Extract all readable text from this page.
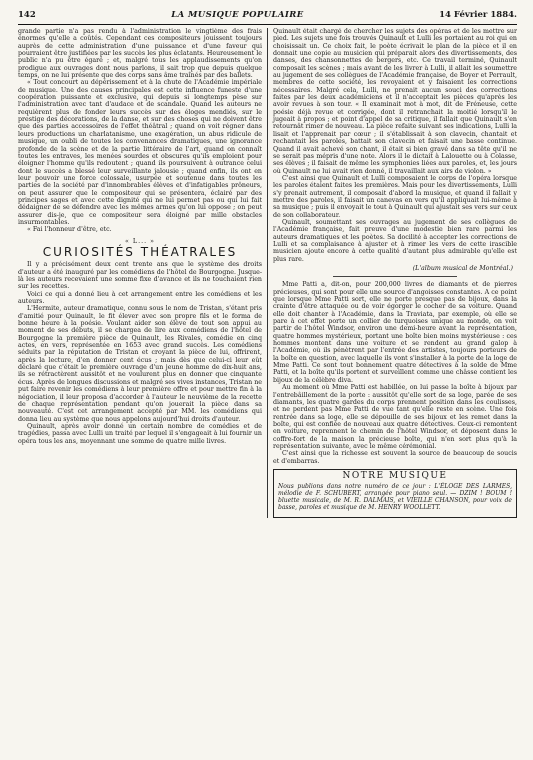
142	LA MUSIQUE POPULAIRE	14 Février 1884.

grande partie n'a pas rendu à l'administration le vingtième des frais énormes qu'elle a coûtés. Cependant ces compositeurs jouissent toujours auprès de cette administration d'une puissance et d'une faveur qui pourraient être justifiées par les succès les plus éclatants. Heureusement le public n'a pu être égaré ; et, malgré tous les applaudissements qu'on prodigue aux ouvrages dont nous parlons, il sait trop que depuis quelque temps, on ne lui présente que des corps sans âme traînés par des ballets.

« Tout concourt au dépérissement et à la chute de l'Académie impériale de musique. Une des causes principales est cette influence funeste d'une coopération puissante et exclusive, qui depuis si longtemps pèse sur l'administration avec tant d'audace et de scandale. Quand les auteurs ne requièrent plus de fonder leurs succès sur des éloges mendiés, sur le prestige des décorations, de la danse, et sur des choses qui ne doivent être que des parties accessoires de l'effet théâtral ; quand on voit régner dans leurs productions un charlatanisme, une exagération, un abus ridicule de musique, un oubli de toutes les convenances dramatiques, une ignorance profonde de la scène et de la partie littéraire de l'art, quand on connaît toutes les entraves, les menées sourdes et obscures qu'ils emploient pour éloigner l'homme qu'ils redoutent ; quand ils poursuivent à outrance celui dont le succès a blessé leur surveillante jalousie ; quand enfin, ils ont en leur pouvoir une force colossale, usurpée et soutenue dans toutes les parties de la société par d'innombrables élèves et d'infatigables prôneurs, on peut assurer que le compositeur qui se présentera, éclairé par des principes sages et avec cette dignité qui ne lui permet pas ou qui lui fait dédaigner de se défendre avec les mêmes armes qu'on lui oppose ; on peut assurer dis-je, que ce compositeur sera éloigné par mille obstacles insurmontables.

« Fai l'honneur d'être, etc.

« L... »
CURIOSITÉS THÉATRALES

Il y a précisément deux cent trente ans que le système des droits d'auteur a été inauguré par les comédiens de l'hôtel de Bourgogne. Jusque-là les auteurs recevaient une somme fixe d'avance et ils ne touchaient rien sur les recettes.

Voici ce qui a donné lieu à cet arrangement entre les comédiens et les auteurs.

L'Hermite, auteur dramatique, connu sous le nom de Tristan, s'étant pris d'amitié pour Quinault, le fit élever avec son propre fils et le forma de bonne heure à la poésie. Voulant aider son élève de tout son appui au moment de ses débuts, il se chargea de lire aux comédiens de l'hôtel de Bourgogne la première pièce de Quinault, les Rivales, comédie en cinq actes, en vers, représentée en 1653 avec grand succès. Les comédiens séduits par la réputation de Tristan et croyant la pièce de lui, offrirent, après la lecture, d'en donner cent écus ; mais dès que celui-ci leur eût déclaré que c'était le première ouvrage d'un jeune homme de dix-huit ans, ils se rétractèrent aussitôt et ne voulurent plus en donner que cinquante écus. Après de longues discussions et malgré ses vives instances, Tristan ne put faire revenir les comédiens à leur première offre et pour mettre fin à la négociation, il leur proposa d'accorder à l'auteur le neuvième de la recette de chaque représentation pendant qu'on jouerait la pièce dans sa nouveauté. C'est cet arrangement accepté par MM. les comédiens qui donna lieu au système que nous appelons aujourd'hui droits d'auteur.

Quinault, après avoir donné un certain nombre de comédies et de tragédies, passa avec Lulli un traité par lequel il s'engageait à lui fournir un opéra tous les ans, moyennant une somme de quatre mille livres.

Quinault était chargé de chercher les sujets des opéras et de les mettre sur pied. Les sujets une fois trouvés Quinault et Lulli les portaient au roi qui en choisissait un. Ce choix fait, le poète écrivait le plan de la pièce et il en donnait une copie au musicien qui préparait alors des divertissements, des danses, des chansonnettes de bergers, etc. Ce travail terminé, Quinault composait les scènes ; mais avant de les livrer à Lulli, il allait les soumettre au jugement de ses collègues de l'Académie française, de Boyer et Perrault, membres de cette société, les revoyaient et y faisaient les corrections nécessaires. Malgré cela, Lulli, ne prenait aucun souci des corrections faites par les deux académiciens et il n'acceptait les pièces qu'après les avoir revues à son tour. « Il examinait mot à mot, dit de Fréneuse, cette poésie déjà revue et corrigée, dont il retranchait la moitié lorsqu'il le jugeait à propos ; et point d'appel de sa critique, il fallait que Quinault s'en retournât rimer de nouveau. La pièce refaite suivant ses indications, Lulli la lisait et l'apprenait par cœur ; il s'établissait à son clavecin, chantait et rechantait les paroles, battait son clavecin et faisait une basse continue. Quand il avait achevé son chant, il était si bien gravé dans sa tête qu'il ne se serait pas mépris d'une note. Alors il le dictait à Lalouette ou à Colasse, ses élèves ; il faisait de même les symphonies liées aux paroles, et, les jours où Quinault ne lui avait rien donné, il travaillait aux airs de violon. »

C'est ainsi que Quinault et Lulli composaient le corps de l'opéra lorsque les paroles étaient faites les premières. Mais pour les divertissements, Lulli s'y prenait autrement, il composait d'abord la musique, et quand il fallait y mettre des paroles, il faisait un canevas en vers qu'il appliquait lui-même à sa musique ; puis il envoyait le tout à Quinault qui ajustait ses vers sur ceux de son collaborateur.

Quinault, soumettant ses ouvrages au jugement de ses collègues de l'Académie française, fait preuve d'une modestie bien rare parmi les auteurs dramatiques et les poètes. Sa docilité à accepter les corrections de Lulli et sa complaisance à ajuster et à rimer les vers de cette irascible musicien ajoute encore à cette qualité d'autant plus admirable qu'elle est plus rare.

(L'album musical de Montréal.)

Mme Patti a, dit-on, pour 200,000 livres de diamants et de pierres précieuses, qui sont pour elle une source d'angoisses constantes. A ce point que lorsque Mme Patti sort, elle ne porte presque pas de bijoux, dans la crainte d'être attaquée ou de voir égorger le cocher de sa voiture. Quand elle doit chanter à l'Académie, dans la Traviata, par exemple, où elle se pare à cet effet porte un collier de turquoises unique au monde, on voit partir de l'hôtel Windsor, environ une demi-heure avant la représentation, quatre hommes mystérieux, portant une boîte bien moins mystérieuse : ces hommes montent dans une voiture et se rendent au grand galop à l'Académie, où ils pénètrent par l'entrée des artistes, toujours porteurs de la boîte en question, avec laquelle ils vont s'installer à la porte de la loge de Mme Patti. Ce sont tout bonnement quatre détectives à la solde de Mme Patti, et la boîte qu'ils portent et surveillent comme une châsse contient les bijoux de la célèbre diva.

Au moment où Mme Patti est habillée, on lui passe la boîte à bijoux par l'entrebâillement de la porte : aussitôt qu'elle sort de sa loge, parée de ses diamants, les quatre gardes du corps prennent position dans les coulisses, et ne perdent pas Mme Patti de vue tant qu'elle reste en scène. Une fois rentrée dans sa loge, elle se dépouille de ses bijoux et les remet dans la boîte, qui est confiée de nouveau aux quatre détectives. Ceux-ci remontent en voiture, reprennent le chemin de l'hôtel Windsor, et déposent dans le coffre-fort de la maison la précieuse boîte, qui n'en sort plus qu'à la représentation suivante, avec le même cérémonial.

C'est ainsi que la richesse est souvent la source de beaucoup de soucis et d'embarras.

NOTRE MUSIQUE
Nous publions dans notre numéro de ce jour : L'ÉLOGE DES LARMES, mélodie de F. SCHUBERT, arrangée pour piano seul. — DZIM ! BOUM ! bluette musicale, de M. R. DALMAIS, et VIEILLE CHANSON, pour voix de basse, paroles et musique de M. HENRY WOOLLETT.
